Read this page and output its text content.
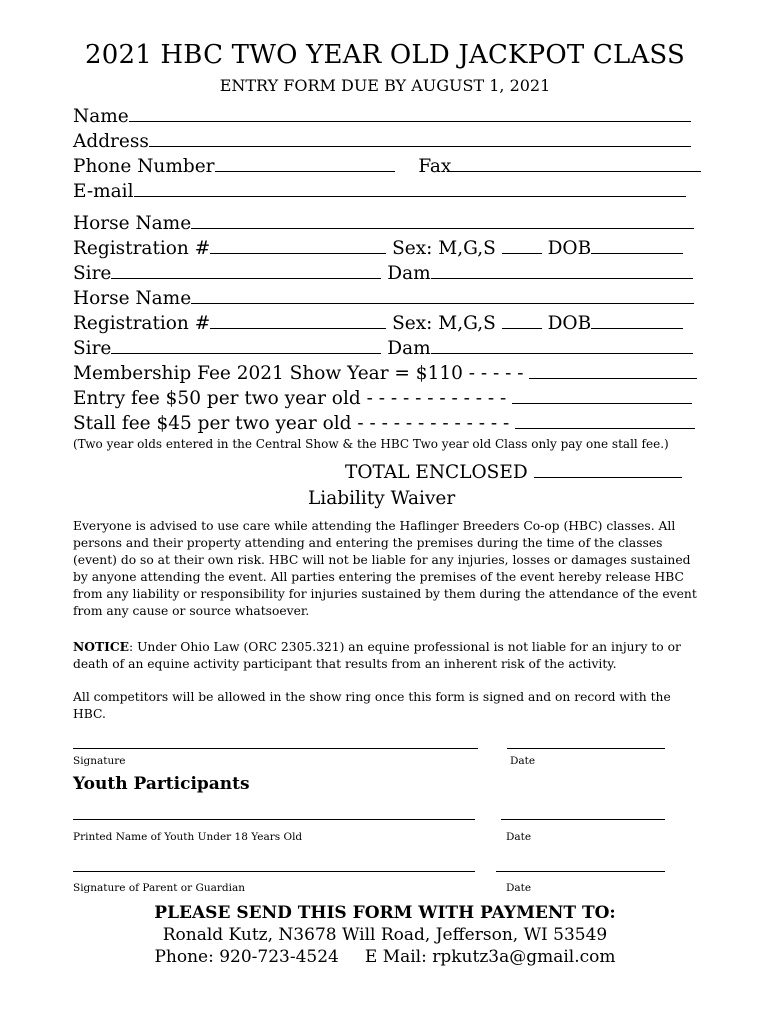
2021 HBC TWO YEAR OLD JACKPOT CLASS
ENTRY FORM DUE BY AUGUST 1, 2021
Name
Address
Phone Number	Fax
E-mail
Horse Name
Registration #	Sex: M,G,S	DOB
Sire	Dam
Horse Name
Registration #	Sex: M,G,S	DOB
Sire	Dam
Membership Fee 2021 Show Year = $110 - - - - -
Entry fee $50 per two year old - - - - - - - - - - - -
Stall fee $45 per two year old - - - - - - - - - - - - -
(Two year olds entered in the Central Show & the HBC Two year old Class only pay one stall fee.)
TOTAL ENCLOSED
Liability Waiver
Everyone is advised to use care while attending the Haflinger Breeders Co-op (HBC) classes. All persons and their property attending and entering the premises during the time of the classes (event) do so at their own risk. HBC will not be liable for any injuries, losses or damages sustained by anyone attending the event. All parties entering the premises of the event hereby release HBC from any liability or responsibility for injuries sustained by them during the attendance of the event from any cause or source whatsoever.
NOTICE: Under Ohio Law (ORC 2305.321) an equine professional is not liable for an injury to or death of an equine activity participant that results from an inherent risk of the activity.
All competitors will be allowed in the show ring once this form is signed and on record with the HBC.
Signature	Date
Youth Participants
Printed Name of Youth Under 18 Years Old	Date
Signature of Parent or Guardian	Date
PLEASE SEND THIS FORM WITH PAYMENT TO:
Ronald Kutz, N3678 Will Road, Jefferson, WI 53549
Phone: 920-723-4524 E Mail: rpkutz3a@gmail.com
